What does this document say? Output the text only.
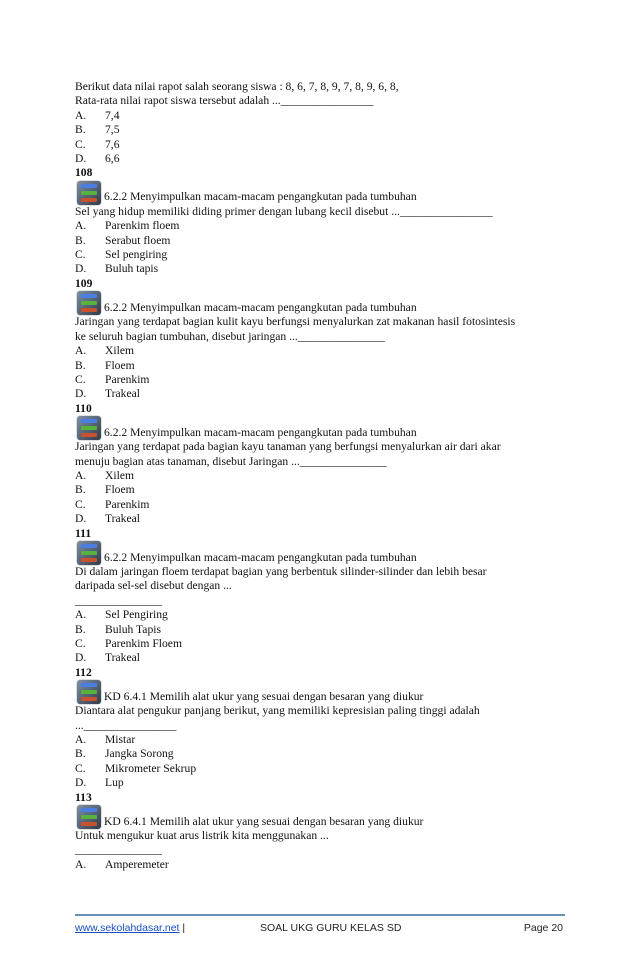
Berikut data nilai rapot salah seorang siswa : 8, 6, 7, 8, 9, 7, 8, 9, 6, 8,
Rata-rata nilai rapot siswa tersebut adalah ...________________
A.	7,4
B.	7,5
C.	7,6
D.	6,6
108
6.2.2 Menyimpulkan macam-macam pengangkutan pada tumbuhan
Sel yang hidup memiliki diding primer dengan lubang kecil disebut ...________________
A.	Parenkim floem
B.	Serabut floem
C.	Sel pengiring
D.	Buluh tapis
109
6.2.2 Menyimpulkan macam-macam pengangkutan pada tumbuhan
Jaringan yang terdapat bagian kulit kayu berfungsi menyalurkan zat makanan hasil fotosintesis
ke seluruh bagian tumbuhan, disebut jaringan ..._______________
A.	Xilem
B.	Floem
C.	Parenkim
D.	Trakeal
110
6.2.2 Menyimpulkan macam-macam pengangkutan pada tumbuhan
Jaringan yang terdapat pada bagian kayu tanaman yang berfungsi menyalurkan air dari akar
menuju bagian atas tanaman, disebut Jaringan ..._______________
A.	Xilem
B.	Floem
C.	Parenkim
D.	Trakeal
111
6.2.2 Menyimpulkan macam-macam pengangkutan pada tumbuhan
Di dalam jaringan floem terdapat bagian yang berbentuk silinder-silinder dan lebih besar
daripada sel-sel disebut dengan ...
_______________
A.	Sel Pengiring
B.	Buluh Tapis
C.	Parenkim Floem
D.	Trakeal
112
KD 6.4.1 Memilih alat ukur yang sesuai dengan besaran yang diukur
Diantara alat pengukur panjang berikut, yang memiliki kepresisian paling tinggi adalah
...________________
A.	Mistar
B.	Jangka Sorong
C.	Mikrometer Sekrup
D.	Lup
113
KD 6.4.1 Memilih alat ukur yang sesuai dengan besaran yang diukur
Untuk mengukur kuat arus listrik kita menggunakan ...
_______________
A.	Amperemeter
www.sekolahdasar.net |	SOAL UKG GURU KELAS SD	Page 20
